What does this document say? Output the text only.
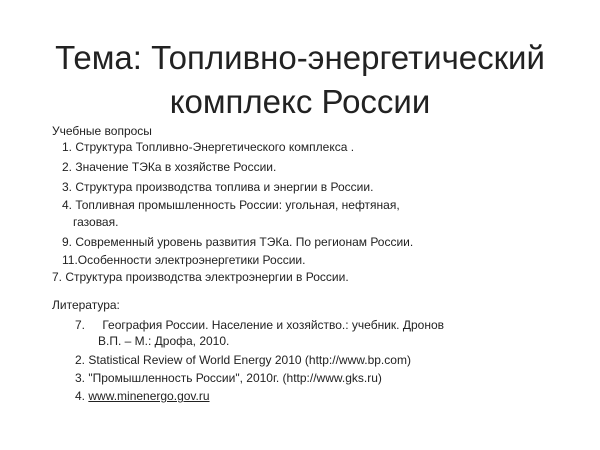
Тема: Топливно-энергетический
комплекс России
Учебные вопросы
1. Структура Топливно-Энергетического комплекса .
2. Значение ТЭКа в хозяйстве России.
3. Структура производства топлива и энергии в России.
4. Топливная промышленность России: угольная, нефтяная,
газовая.
9. Современный уровень развития ТЭКа. По регионам России.
11.Особенности электроэнергетики России.
7. Структура производства электроэнергии в России.
Литература:
7. География России. Население и хозяйство.: учебник. Дронов
В.П. – М.: Дрофа, 2010.
2. Statistical Review of World Energy 2010 (http://www.bp.com)
3. "Промышленность России", 2010г. (http://www.gks.ru)
4. www.minenergo.gov.ru
